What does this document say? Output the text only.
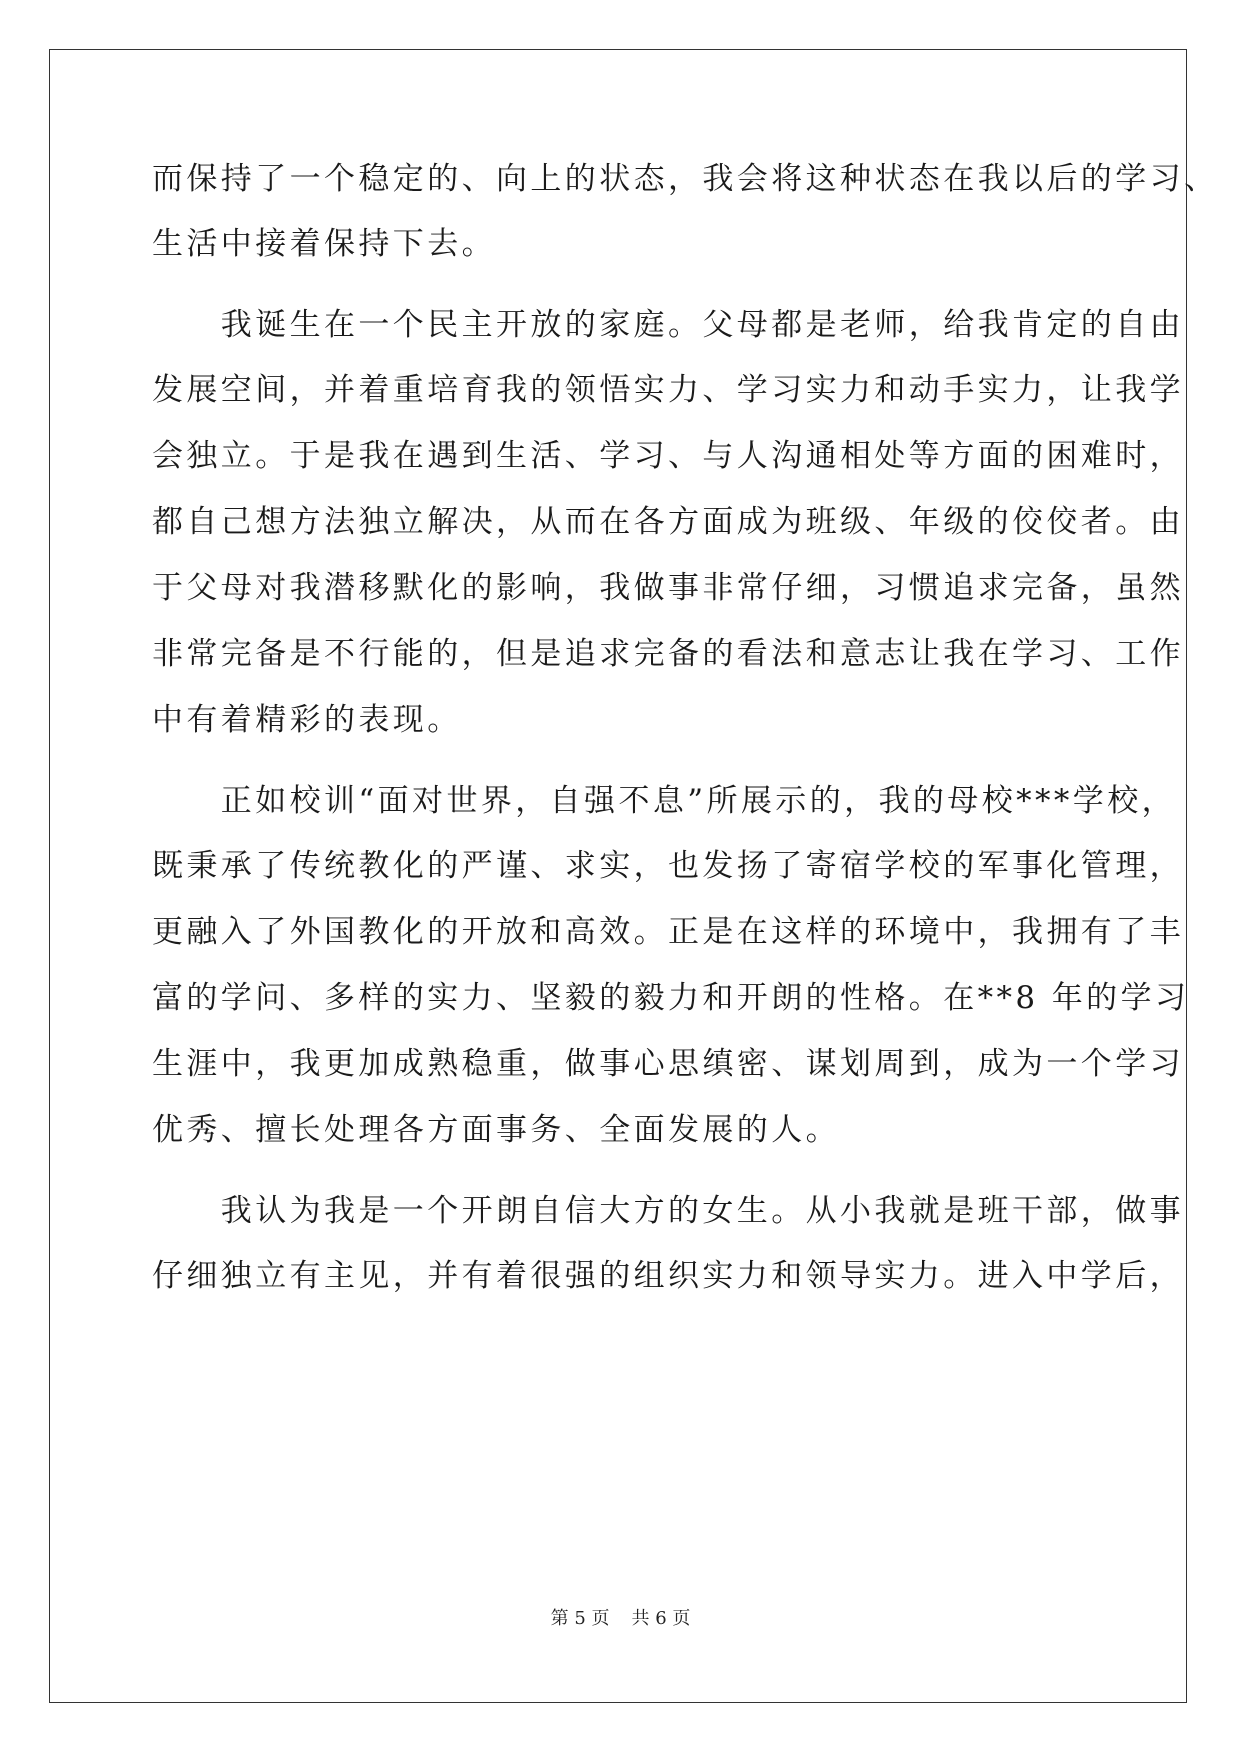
而保持了一个稳定的、向上的状态，我会将这种状态在我以后的学习、
生活中接着保持下去。
　　我诞生在一个民主开放的家庭。父母都是老师，给我肯定的自由
发展空间，并着重培育我的领悟实力、学习实力和动手实力，让我学
会独立。于是我在遇到生活、学习、与人沟通相处等方面的困难时，
都自己想方法独立解决，从而在各方面成为班级、年级的佼佼者。由
于父母对我潜移默化的影响，我做事非常仔细，习惯追求完备，虽然
非常完备是不行能的，但是追求完备的看法和意志让我在学习、工作
中有着精彩的表现。
　　正如校训“面对世界，自强不息”所展示的，我的母校***学校，
既秉承了传统教化的严谨、求实，也发扬了寄宿学校的军事化管理，
更融入了外国教化的开放和高效。正是在这样的环境中，我拥有了丰
富的学问、多样的实力、坚毅的毅力和开朗的性格。在**8 年的学习
生涯中，我更加成熟稳重，做事心思缜密、谋划周到，成为一个学习
优秀、擅长处理各方面事务、全面发展的人。
　　我认为我是一个开朗自信大方的女生。从小我就是班干部，做事
仔细独立有主见，并有着很强的组织实力和领导实力。进入中学后，
第 5 页 共 6 页
